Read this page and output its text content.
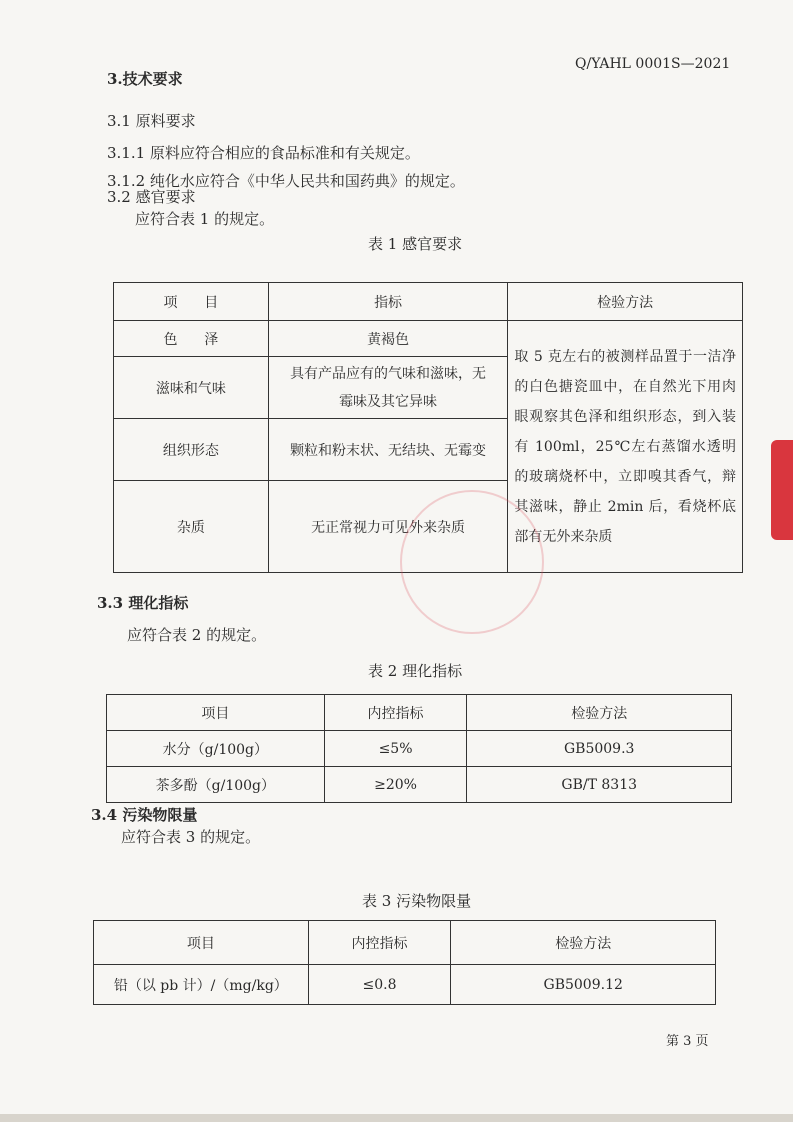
Q/YAHL 0001S—2021
3.技术要求
3.1 原料要求
3.1.1 原料应符合相应的食品标准和有关规定。
3.1.2 纯化水应符合《中华人民共和国药典》的规定。
3.2 感官要求
应符合表 1 的规定。
表 1 感官要求
项      目	指标	检验方法
色      泽	黄褐色	取 5 克左右的被测样品置于一洁净的白色搪瓷皿中，在自然光下用肉眼观察其色泽和组织形态，到入装有 100ml，25℃左右蒸馏水透明的玻璃烧杯中，立即嗅其香气，辩其滋味，静止 2min 后，看烧杯底部有无外来杂质
滋味和气味	具有产品应有的气味和滋味，无
霉味及其它异味	

组织形态	颗粒和粉末状、无结块、无霉变	
杂质	无正常视力可见外来杂质	
3.3 理化指标
应符合表 2 的规定。
表 2 理化指标
项目	内控指标	检验方法
水分（g/100g）	≤5%	GB5009.3
茶多酚（g/100g）	≥20%	GB/T 8313
3.4 污染物限量
应符合表 3 的规定。
表 3 污染物限量
项目	内控指标	检验方法
铅（以 pb 计）/（mg/kg）	≤0.8	GB5009.12
第 3 页
